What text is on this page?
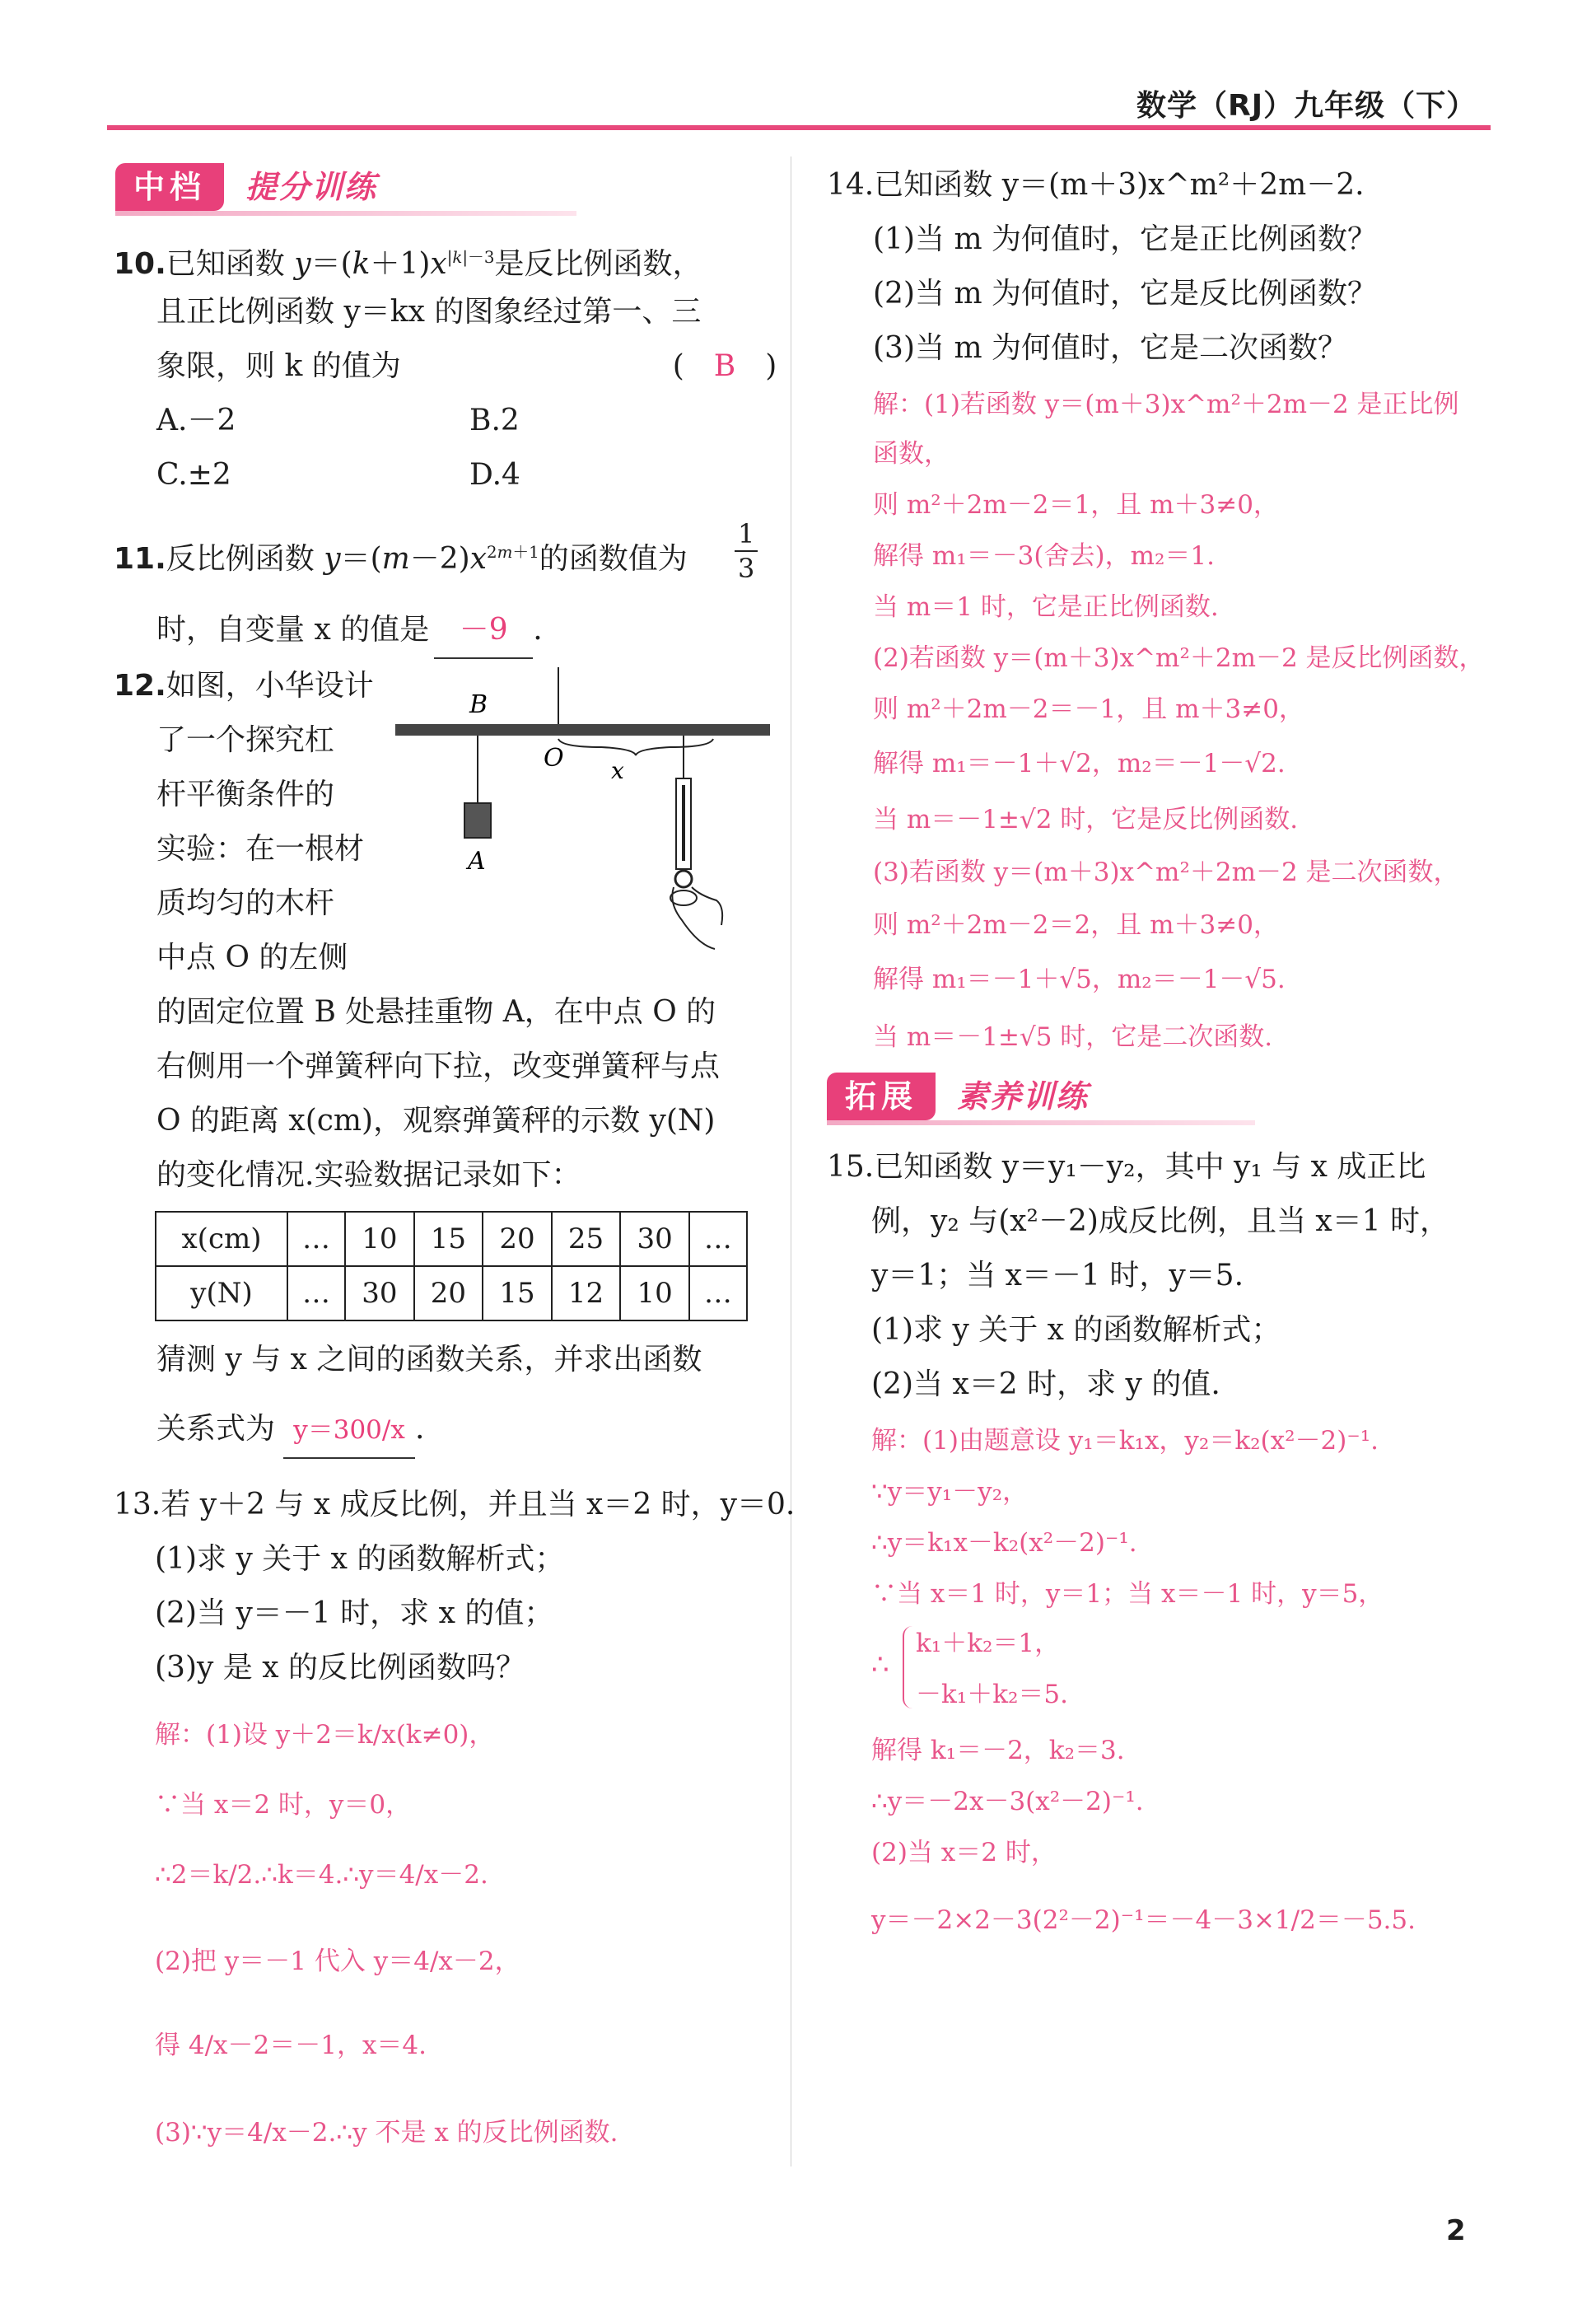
数学（RJ）九年级（下）
中档 提分训练
10.已知函数 $y=(k+1)x^{|k|-3}$是反比例函数，
且正比例函数 y＝kx 的图象经过第一、三
象限，则 k 的值为	(　B　)
A.－2	B.2
C.±2	D.4
11.反比例函数 $y=(m-2)x^{2m+1}$的函数值为
1
3
时，自变量 x 的值是 －9 .
12.如图，小华设计
了一个探究杠
杆平衡条件的
实验：在一根材
质均匀的木杆
中点 O 的左侧
的固定位置 B 处悬挂重物 A，在中点 O 的
右侧用一个弹簧秤向下拉，改变弹簧秤与点
O 的距离 x(cm)，观察弹簧秤的示数 y(N)
的变化情况.实验数据记录如下：
B
O x
A
x(cm)	…	10	15	20	25	30	…
y(N)	…	30	20	15	12	10	…
猜测 y 与 x 之间的函数关系，并求出函数
关系式为 y＝300/x .
13.若 y＋2 与 x 成反比例，并且当 x＝2 时，y＝0.
(1)求 y 关于 x 的函数解析式；
(2)当 y＝－1 时，求 x 的值；
(3)y 是 x 的反比例函数吗？
解：(1)设 y＋2＝k/x(k≠0)，
∵当 x＝2 时，y＝0，
∴2＝k/2.∴k＝4.∴y＝4/x－2.
(2)把 y＝－1 代入 y＝4/x－2，
得 4/x－2＝－1，x＝4.
(3)∵y＝4/x－2.∴y 不是 x 的反比例函数.
14.已知函数 y＝(m＋3)x^m²＋2m－2.
(1)当 m 为何值时，它是正比例函数？
(2)当 m 为何值时，它是反比例函数？
(3)当 m 为何值时，它是二次函数？
解：(1)若函数 y＝(m＋3)x^m²＋2m－2 是正比例
函数，
则 m²＋2m－2＝1，且 m＋3≠0，
解得 m₁＝－3(舍去)，m₂＝1.
当 m＝1 时，它是正比例函数.
(2)若函数 y＝(m＋3)x^m²＋2m－2 是反比例函数，
则 m²＋2m－2＝－1，且 m＋3≠0，
解得 m₁＝－1＋√2，m₂＝－1－√2.
当 m＝－1±√2 时，它是反比例函数.
(3)若函数 y＝(m＋3)x^m²＋2m－2 是二次函数，
则 m²＋2m－2＝2，且 m＋3≠0，
解得 m₁＝－1＋√5，m₂＝－1－√5.
当 m＝－1±√5 时，它是二次函数.
拓展 素养训练
15.已知函数 y＝y₁－y₂，其中 y₁ 与 x 成正比
例，y₂ 与(x²－2)成反比例，且当 x＝1 时，
y＝1；当 x＝－1 时，y＝5.
(1)求 y 关于 x 的函数解析式；
(2)当 x＝2 时，求 y 的值.
解：(1)由题意设 y₁＝k₁x，y₂＝k₂(x²－2)⁻¹.
∵y＝y₁－y₂，
∴y＝k₁x－k₂(x²－2)⁻¹.
∵当 x＝1 时，y＝1；当 x＝－1 时，y＝5，
∴
k₁＋k₂＝1，
－k₁＋k₂＝5.
解得 k₁＝－2，k₂＝3.
∴y＝－2x－3(x²－2)⁻¹.
(2)当 x＝2 时，
y＝－2×2－3(2²－2)⁻¹＝－4－3×1/2＝－5.5.
2
